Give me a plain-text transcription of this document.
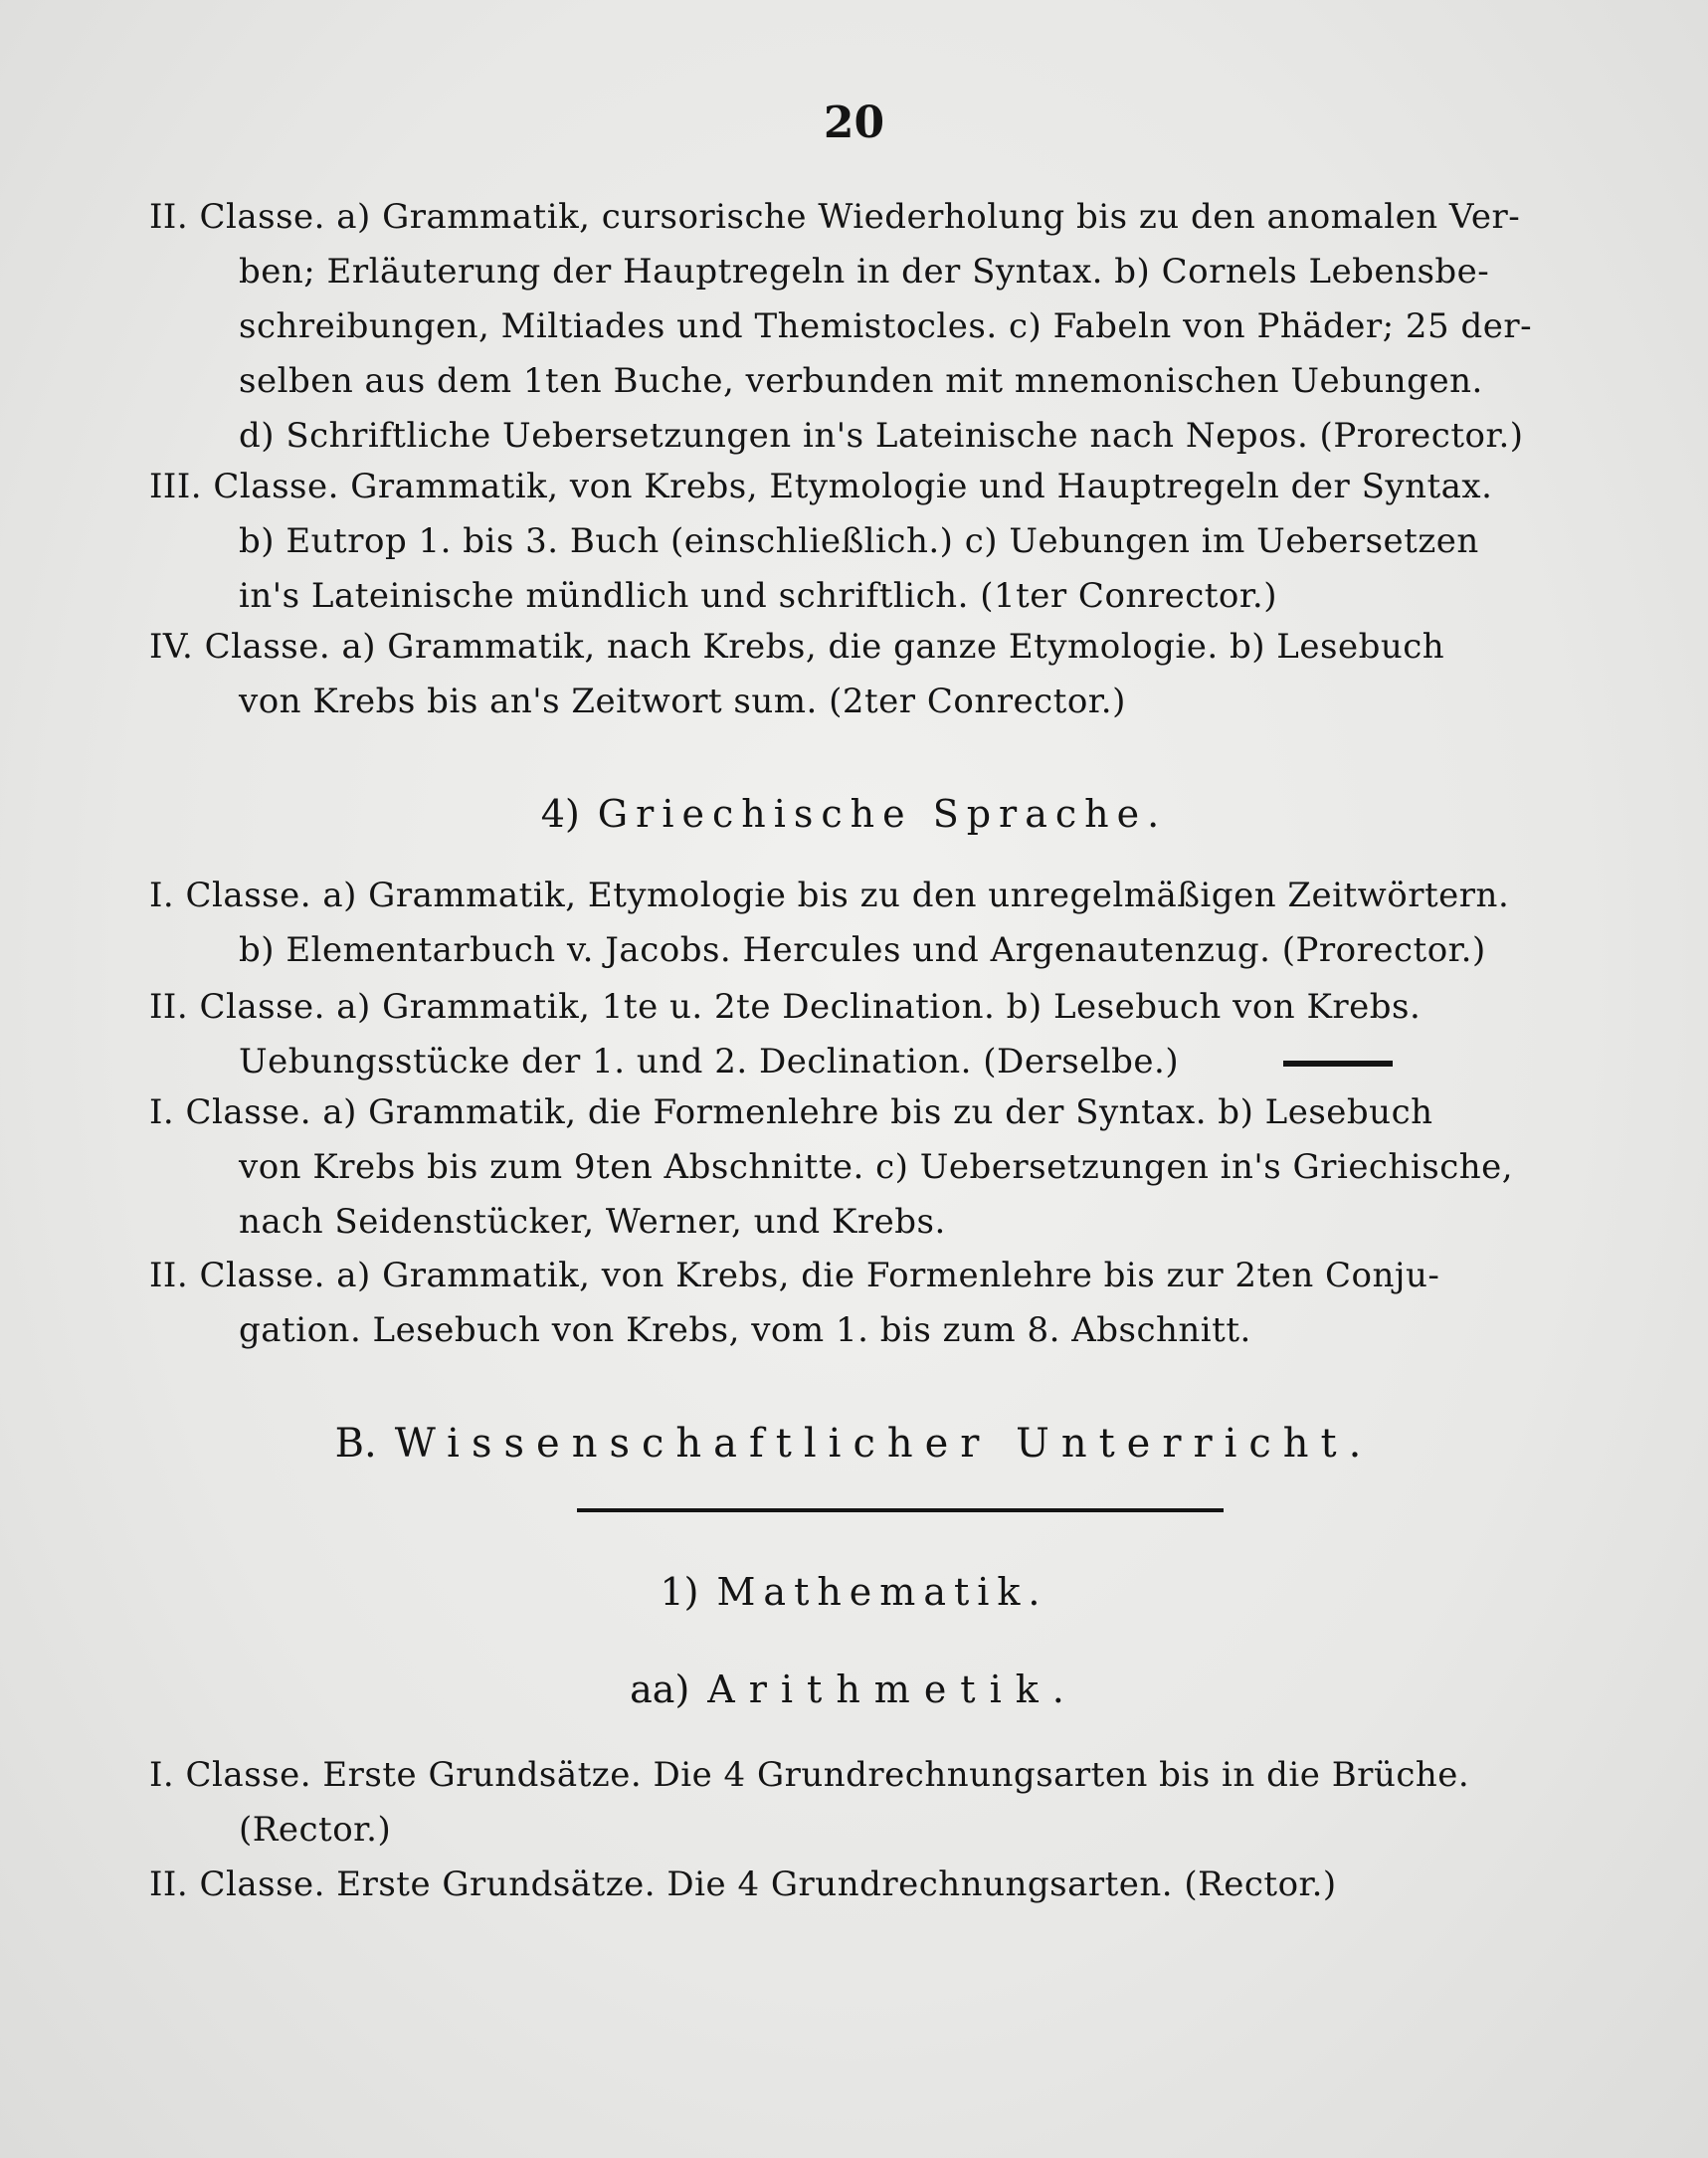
20
II. Classe. a) Grammatik, cursorische Wiederholung bis zu den anomalen Ver-
ben; Erläuterung der Hauptregeln in der Syntax. b) Cornels Lebensbe-
schreibungen, Miltiades und Themistocles. c) Fabeln von Phäder; 25 der-
selben aus dem 1ten Buche, verbunden mit mnemonischen Uebungen.
d) Schriftliche Uebersetzungen in's Lateinische nach Nepos. (Prorector.)
III. Classe. Grammatik, von Krebs, Etymologie und Hauptregeln der Syntax.
b) Eutrop 1. bis 3. Buch (einschließlich.) c) Uebungen im Uebersetzen
in's Lateinische mündlich und schriftlich. (1ter Conrector.)
IV. Classe. a) Grammatik, nach Krebs, die ganze Etymologie. b) Lesebuch
von Krebs bis an's Zeitwort sum. (2ter Conrector.)
4) Griechische Sprache.
I. Classe. a) Grammatik, Etymologie bis zu den unregelmäßigen Zeitwörtern.
b) Elementarbuch v. Jacobs. Hercules und Argenautenzug. (Prorector.)
II. Classe. a) Grammatik, 1te u. 2te Declination. b) Lesebuch von Krebs.
Uebungsstücke der 1. und 2. Declination. (Derselbe.)
I. Classe. a) Grammatik, die Formenlehre bis zu der Syntax. b) Lesebuch
von Krebs bis zum 9ten Abschnitte. c) Uebersetzungen in's Griechische,
nach Seidenstücker, Werner, und Krebs.
II. Classe. a) Grammatik, von Krebs, die Formenlehre bis zur 2ten Conju-
gation. Lesebuch von Krebs, vom 1. bis zum 8. Abschnitt.
B. Wissenschaftlicher Unterricht.
1) Mathematik.
aa) Arithmetik.
I. Classe. Erste Grundsätze. Die 4 Grundrechnungsarten bis in die Brüche.
(Rector.)
II. Classe. Erste Grundsätze. Die 4 Grundrechnungsarten. (Rector.)
